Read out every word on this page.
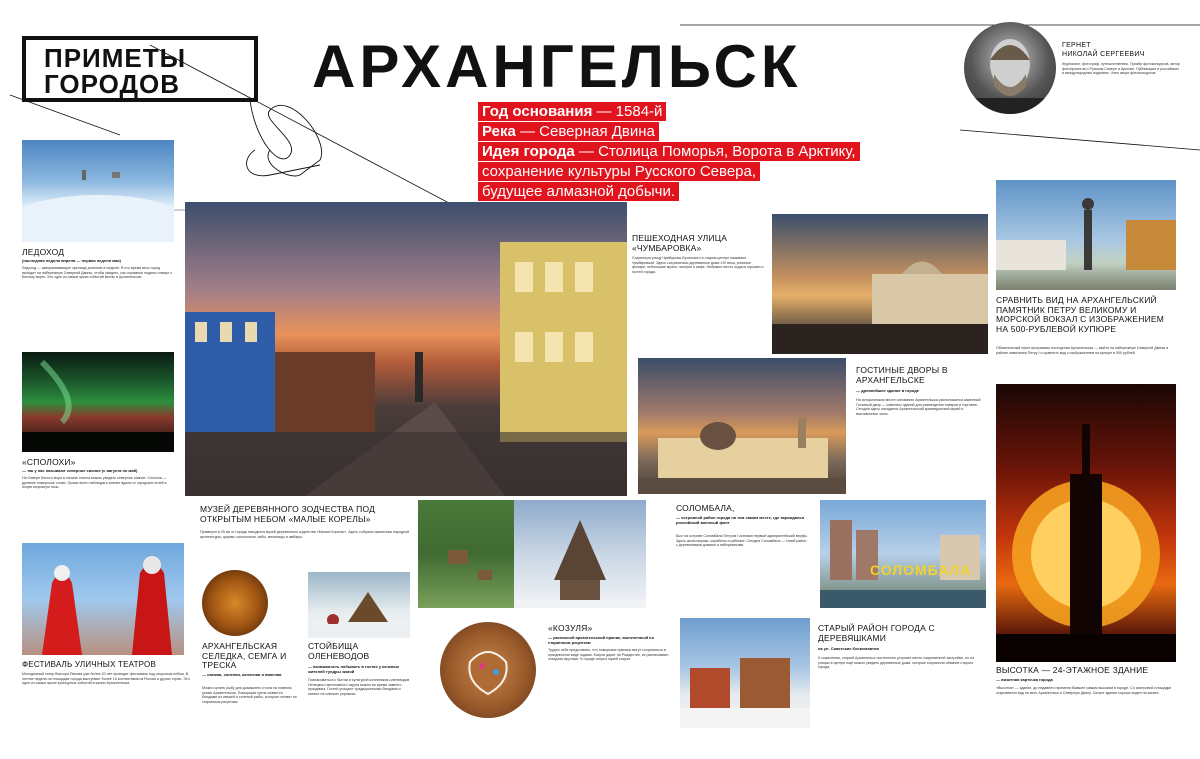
ПРИМЕТЫ
ГОРОДОВ АРХАНГЕЛЬСК
Год основания — 1584-й
Река — Северная Двина
Идея города — Столица Поморья, Ворота в Арктику,
сохранение культуры Русского Севера,
будущее алмазной добычи.
ГЕРНЕТ
НИКОЛАЙ СЕРГЕЕВИЧ
Журналист, фотограф, путешественник. Призёр фотоконкурсов, автор фотопроектов о Русском Севере и Арктике. Публикации в российских и международных изданиях. Член жюри фотоконкурсов.
ЛЕДОХОД
(последняя неделя апреля — первая неделя мая)
Ледоход — завораживающее зрелище длинною в неделю. В это время весь город выходит на набережную Северной Двины, чтобы увидеть, как огромные льдины плывут к Белому морю. Это одно из самых ярких событий весны в Архангельске.
«СПОЛОХИ»
— так у нас называют северное сияние (с августа по май)
На Севере Белого моря в начале сезона можно увидеть северное сияние. Сполохи — древнее поморское слово. Лучше всего наблюдать сияние вдали от городских огней в ясную морозную ночь.
ФЕСТИВАЛЬ УЛИЧНЫХ ТЕАТРОВ
Молодежный театр Виктора Панова уже более 20 лет проводит фестиваль под открытым небом. В летние недели на площадях города выступают более 15 коллективов из России и других стран. Это одно из самых ярких культурных событий в жизни Архангельска.
АРХАНГЕЛЬСКАЯ СЕЛЕДКА, СЕМГА И ТРЕСКА
— свежая, соленая, копченая и вяленая
Можно купить рыбу для домашнего стола на главном рынке Архангельска. Поморская кухня славится блюдами из свежей и соленой рыбы, которые готовят по старинным рецептам.
СТОЙБИЩА ОЛЕНЕВОДОВ
— возможность побывать в гостях у кочевых жителей тундры зимой
Познакомиться с бытом и культурой кочевников-оленеводов Ненецкого автономного округа можно во время зимнего праздника. Гостей угощают традиционными блюдами и катают на оленьих упряжках.
ПЕШЕХОДНАЯ УЛИЦА «ЧУМБАРОВКА»
Старинную улицу Чумбарова-Лучинского в старом центре называют Чумбаровкой. Здесь сохранились деревянные дома XIX века, уличные фонари, небольшие музеи, галереи и кафе. Любимое место отдыха горожан и гостей города.
СРАВНИТЬ ВИД НА АРХАНГЕЛЬСКИЙ ПАМЯТНИК ПЕТРУ ВЕЛИКОМУ И МОРСКОЙ ВОКЗАЛ С ИЗОБРАЖЕНИЕМ НА 500-РУБЛЕВОЙ КУПЮРЕ
Обязательный пункт программы посещения Архангельска — выйти на набережную Северной Двины в районе памятника Петру I и сравнить вид с изображением на купюре в 500 рублей.
ГОСТИНЫЕ ДВОРЫ В АРХАНГЕЛЬСКЕ
— древнейшее здание в городе
На историческом месте основания Архангельска расположился каменный Гостиный двор — комплекс зданий для размещения товаров и торговли. Сегодня здесь находится Архангельский краеведческий музей и выставочные залы.
ВЫСОТКА — 24-ЭТАЖНОЕ ЗДАНИЕ
— визитная карточка города
«Высотка» — здание, до недавнего времени бывшее самым высоким в городе. Со смотровой площадки открывается вид на весь Архангельск и Северную Двину. Силуэт здания хорошо виден на закате.
МУЗЕЙ ДЕРЕВЯННОГО ЗОДЧЕСТВА ПОД ОТКРЫТЫМ НЕБОМ «МАЛЫЕ КОРЕЛЫ»
Примерно в 25 км от города находится музей деревянного зодчества «Малые Корелы». Здесь собраны памятники народной архитектуры: церкви, колокольни, избы, мельницы и амбары.
«КОЗУЛЯ»
— расписной архангельский пряник, выпеченный по старинным рецептам
Трудно себе представить, что поморские пряники могут сохраняться в праздничном виде годами. Козули дарят на Рождество, их расписывают глазурью вручную. В городе открыт музей козули.
СОЛОМБАЛА,
— островной район города на том самом месте, где зарождался российский военный флот
Был на острове Соломбала Петром I основан первый адмиралтейский верфь. Здесь жили моряки, корабелы и рабочие. Сегодня Соломбала — тихий район с деревянными домами и набережными.
СОЛОМБАЛА
СТАРЫЙ РАЙОН ГОРОДА С ДЕРЕВЯШКАМИ
на ул. Советских Космонавтов
К сожалению, старый Архангельск постепенно уступает место современной застройке, но на улицах в центре ещё можно увидеть деревянные дома, которые сохранили обаяние старого города.
